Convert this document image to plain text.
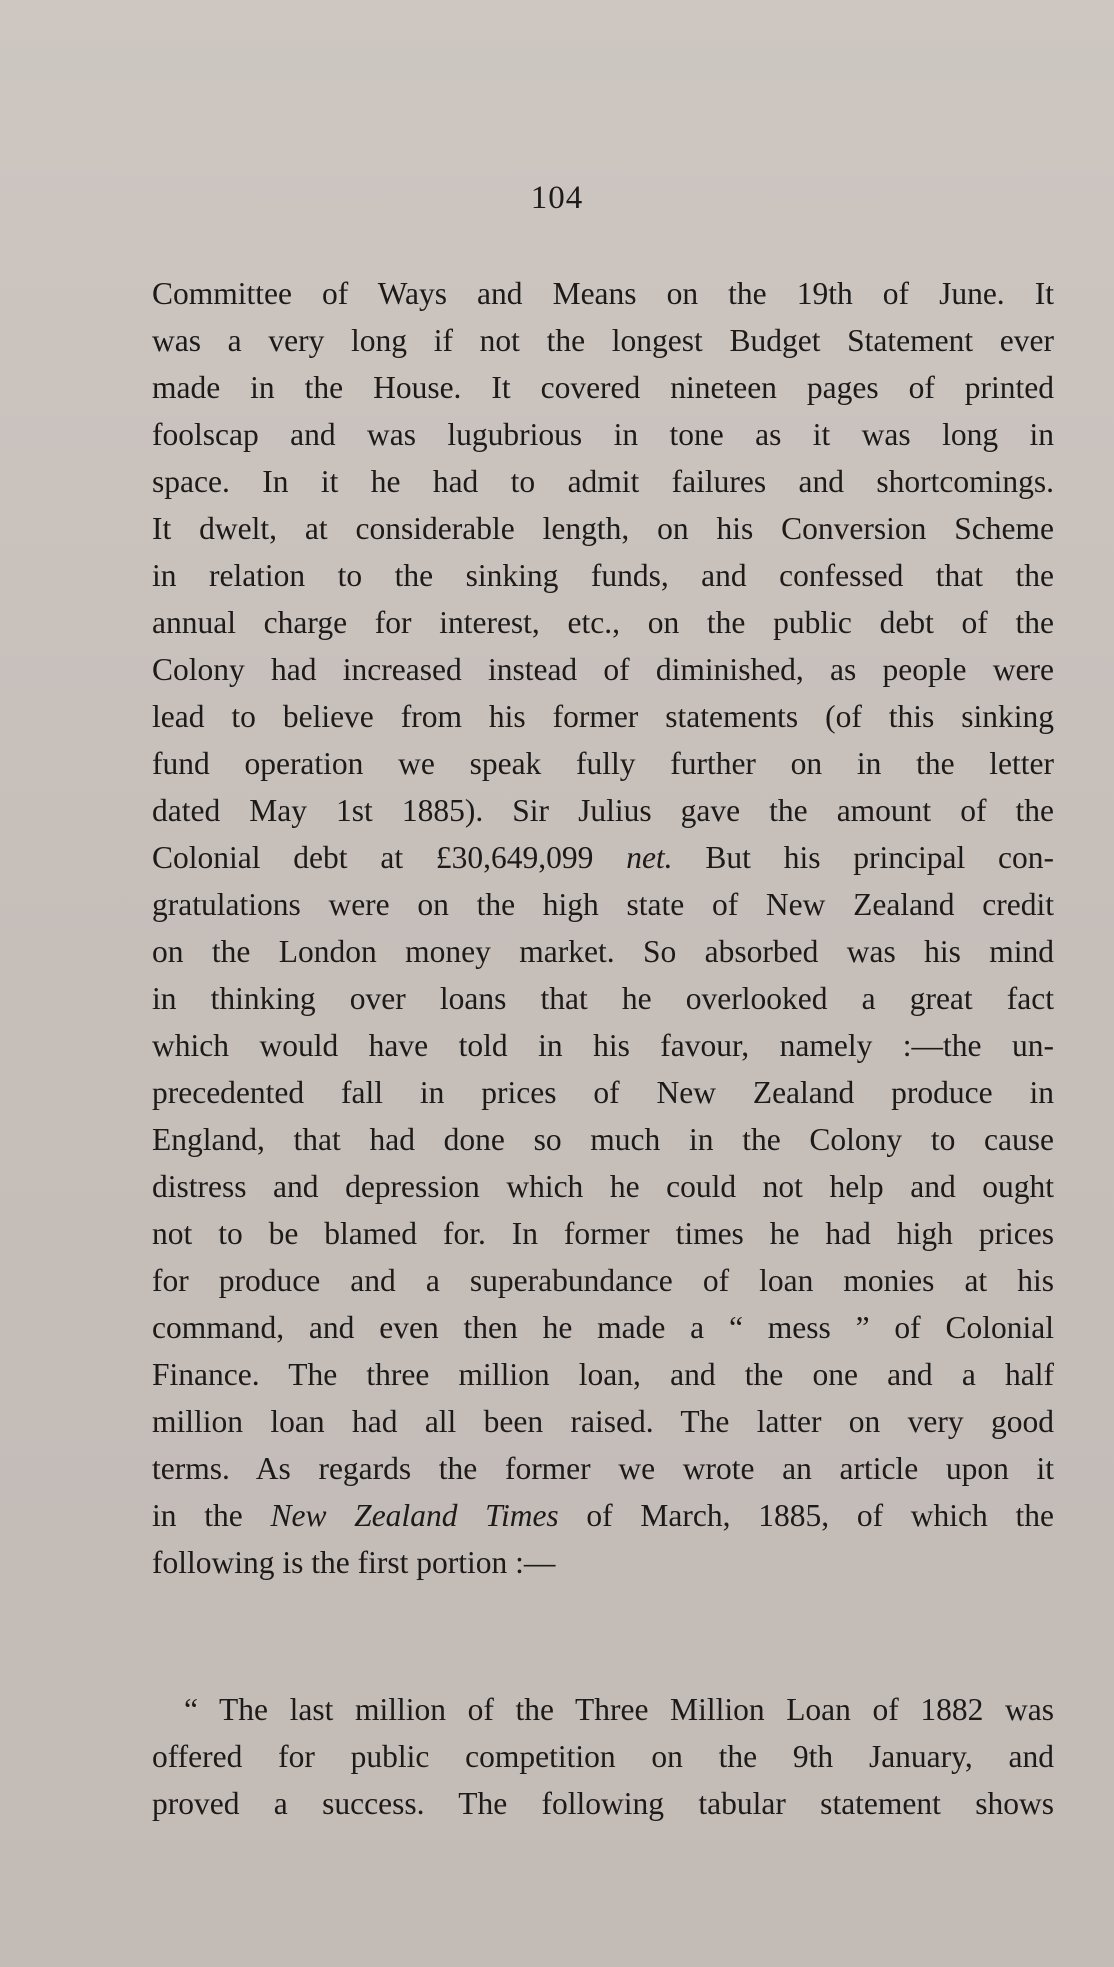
104

Committee of Ways and Means on the 19th of June. It
was a very long if not the longest Budget Statement ever
made in the House. It covered nineteen pages of printed
foolscap and was lugubrious in tone as it was long in
space. In it he had to admit failures and shortcomings.
It dwelt, at considerable length, on his Conversion Scheme
in relation to the sinking funds, and confessed that the
annual charge for interest, etc., on the public debt of the
Colony had increased instead of diminished, as people were
lead to believe from his former statements (of this sinking
fund operation we speak fully further on in the letter
dated May 1st 1885). Sir Julius gave the amount of the
Colonial debt at £30,649,099 net. But his principal con-
gratulations were on the high state of New Zealand credit
on the London money market. So absorbed was his mind
in thinking over loans that he overlooked a great fact
which would have told in his favour, namely :—the un-
precedented fall in prices of New Zealand produce in
England, that had done so much in the Colony to cause
distress and depression which he could not help and ought
not to be blamed for. In former times he had high prices
for produce and a superabundance of loan monies at his
command, and even then he made a “ mess ” of Colonial
Finance. The three million loan, and the one and a half
million loan had all been raised. The latter on very good
terms. As regards the former we wrote an article upon it
in the New Zealand Times of March, 1885, of which the
following is the first portion :—
“ The last million of the Three Million Loan of 1882 was
offered for public competition on the 9th January, and
proved a success. The following tabular statement shows
